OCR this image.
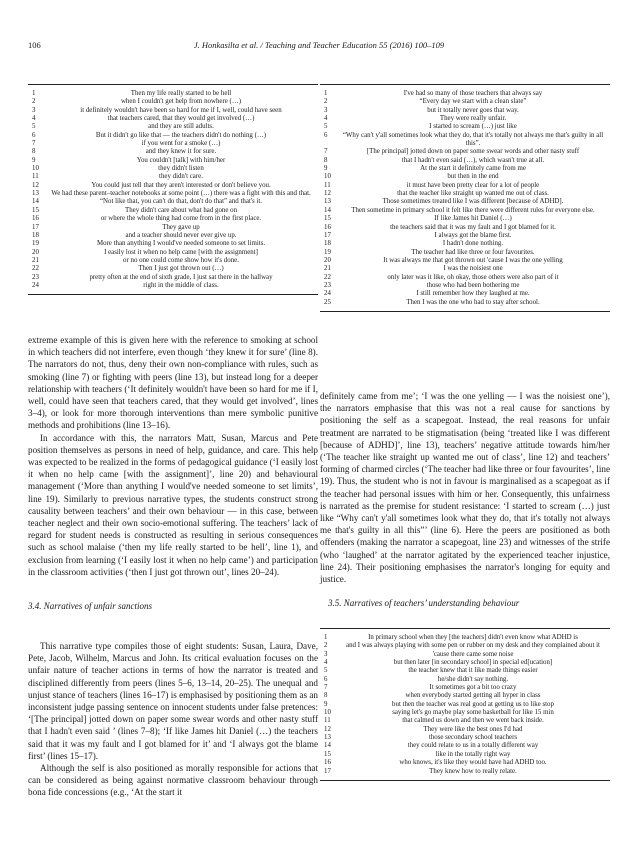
106	J. Honkasilta et al. / Teaching and Teacher Education 55 (2016) 100–109
1	Then my life really started to be hell
2	when I couldn't get help from nowhere (…)
3	it definitely wouldn't have been so hard for me if I, well, could have seen
4	that teachers cared, that they would get involved (…)
5	and they are still adults.
6	But it didn't go like that — the teachers didn't do nothing (…)
7	if you went for a smoke (…)
8	and they knew it for sure.
9	You couldn't [talk] with him/her
10	they didn't listen
11	they didn't care.
12	You could just tell that they aren't interested or don't believe you.
13	We had these parent–teacher notebooks at some point (…) there was a fight with this and that.
14	“Not like that, you can't do that, don't do that” and that's it.
15	They didn't care about what had gone on
16	or where the whole thing had come from in the first place.
17	They gave up
18	and a teacher should never ever give up.
19	More than anything I would've needed someone to set limits.
20	I easily lost it when no help came [with the assignment]
21	or no one could come show how it's done.
22	Then I just got thrown out (…)
23	pretty often at the end of sixth grade, I just sat there in the hallway
24	right in the middle of class.
1	I've had so many of those teachers that always say
2	“Every day we start with a clean slate”
3	but it totally never goes that way.
4	They were really unfair.
5	I started to scream (…) just like
6	“Why can't y'all sometimes look what they do, that it's totally not always me that's guilty in all this”.
7	[The principal] jotted down on paper some swear words and other nasty stuff
8	that I hadn't even said (…), which wasn't true at all.
9	At the start it definitely came from me
10	but then in the end
11	it must have been pretty clear for a lot of people
12	that the teacher like straight up wanted me out of class.
13	Those sometimes treated like I was different [because of ADHD].
14	Then sometime in primary school it felt like there were different rules for everyone else.
15	If like James hit Daniel (…)
16	the teachers said that it was my fault and I got blamed for it.
17	I always got the blame first.
18	I hadn't done nothing.
19	The teacher had like three or four favourites.
20	It was always me that got thrown out 'cause I was the one yelling
21	I was the noisiest one
22	only later was it like, oh okay, those others were also part of it
23	those who had been bothering me
24	I still remember how they laughed at me.
25	Then I was the one who had to stay after school.

extreme example of this is given here with the reference to smoking at school in which teachers did not interfere, even though ‘they knew it for sure’ (line 8). The narrators do not, thus, deny their own non-compliance with rules, such as smoking (line 7) or fighting with peers (line 13), but instead long for a deeper relationship with teachers (‘It definitely wouldn't have been so hard for me if I, well, could have seen that teachers cared, that they would get involved’, lines 3–4), or look for more thorough interventions than mere symbolic punitive methods and prohibitions (line 13–16).

In accordance with this, the narrators Matt, Susan, Marcus and Pete position themselves as persons in need of help, guidance, and care. This help was expected to be realized in the forms of pedagogical guidance (‘I easily lost it when no help came [with the assignment]’, line 20) and behavioural management (‘More than anything I would've needed someone to set limits’, line 19). Similarly to previous narrative types, the students construct strong causality between teachers’ and their own behaviour — in this case, between teacher neglect and their own socio-emotional suffering. The teachers’ lack of regard for student needs is constructed as resulting in serious consequences such as school malaise (‘then my life really started to be hell’, line 1), and exclusion from learning (‘I easily lost it when no help came’) and participation in the classroom activities (‘then I just got thrown out’, lines 20–24).

3.4. Narratives of unfair sanctions

This narrative type compiles those of eight students: Susan, Laura, Dave, Pete, Jacob, Wilhelm, Marcus and John. Its critical evaluation focuses on the unfair nature of teacher actions in terms of how the narrator is treated and disciplined differently from peers (lines 5–6, 13–14, 20–25). The unequal and unjust stance of teachers (lines 16–17) is emphasised by positioning them as an inconsistent judge passing sentence on innocent students under false pretences: ‘[The principal] jotted down on paper some swear words and other nasty stuff that I hadn't even said ’ (lines 7–8); ‘If like James hit Daniel (…) the teachers said that it was my fault and I got blamed for it’ and ‘I always got the blame first’ (lines 15–17).

Although the self is also positioned as morally responsible for actions that can be considered as being against normative classroom behaviour through bona fide concessions (e.g., ‘At the start it

definitely came from me’; ‘I was the one yelling — I was the noisiest one’), the narrators emphasise that this was not a real cause for sanctions by positioning the self as a scapegoat. Instead, the real reasons for unfair treatment are narrated to be stigmatisation (being ‘treated like I was different [because of ADHD]’, line 13), teachers’ negative attitude towards him/her (‘The teacher like straight up wanted me out of class’, line 12) and teachers’ forming of charmed circles (‘The teacher had like three or four favourites’, line 19). Thus, the student who is not in favour is marginalised as a scapegoat as if the teacher had personal issues with him or her. Consequently, this unfairness is narrated as the premise for student resistance: ‘I started to scream (…) just like “Why can't y'all sometimes look what they do, that it's totally not always me that's guilty in all this”’ (line 6). Here the peers are positioned as both offenders (making the narrator a scapegoat, line 23) and witnesses of the strife (who ‘laughed’ at the narrator agitated by the experienced teacher injustice, line 24). Their positioning emphasises the narrator's longing for equity and justice.

3.5. Narratives of teachers’ understanding behaviour
1	In primary school when they [the teachers] didn't even know what ADHD is
2	and I was always playing with some pen or rubber on my desk and they complained about it
3	'cause there came some noise
4	but then later [in secondary school] in special ed[ucation]
5	the teacher knew that it like made things easier
6	he/she didn't say nothing.
7	It sometimes got a bit too crazy
8	when everybody started getting all hyper in class
9	but then the teacher was real good at getting us to like stop
10	saying let's go maybe play some basketball for like 15 min
11	that calmed us down and then we went back inside.
12	They were like the best ones I'd had
13	those secondary school teachers
14	they could relate to us in a totally different way
15	like in the totally right way
16	who knows, it's like they would have had ADHD too.
17	They knew how to really relate.
